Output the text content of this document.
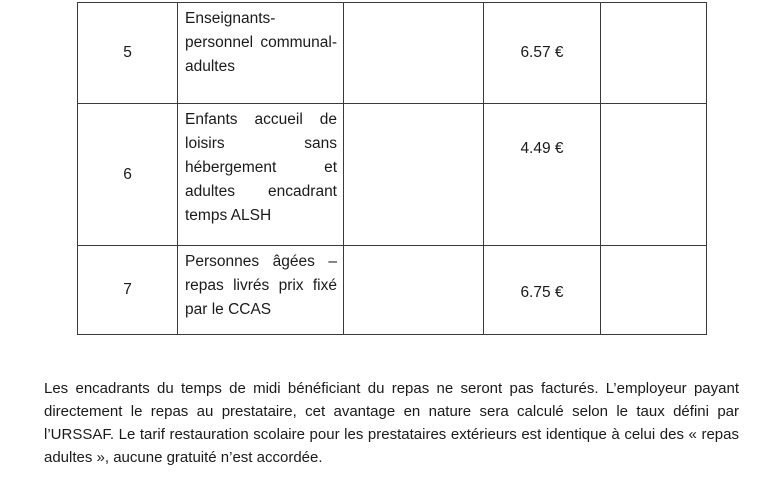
5	Enseignants-personnel communal-adultes		6.57 €	
6	Enfants accueil de loisirs sans hébergement et adultes encadrant temps ALSH		4.49 €	
7	Personnes âgées – repas livrés prix fixé par le CCAS		6.75 €	

Les encadrants du temps de midi bénéficiant du repas ne seront pas facturés. L’employeur payant directement le repas au prestataire, cet avantage en nature sera calculé selon le taux défini par l’URSSAF. Le tarif restauration scolaire pour les prestataires extérieurs est identique à celui des « repas adultes », aucune gratuité n’est accordée.
